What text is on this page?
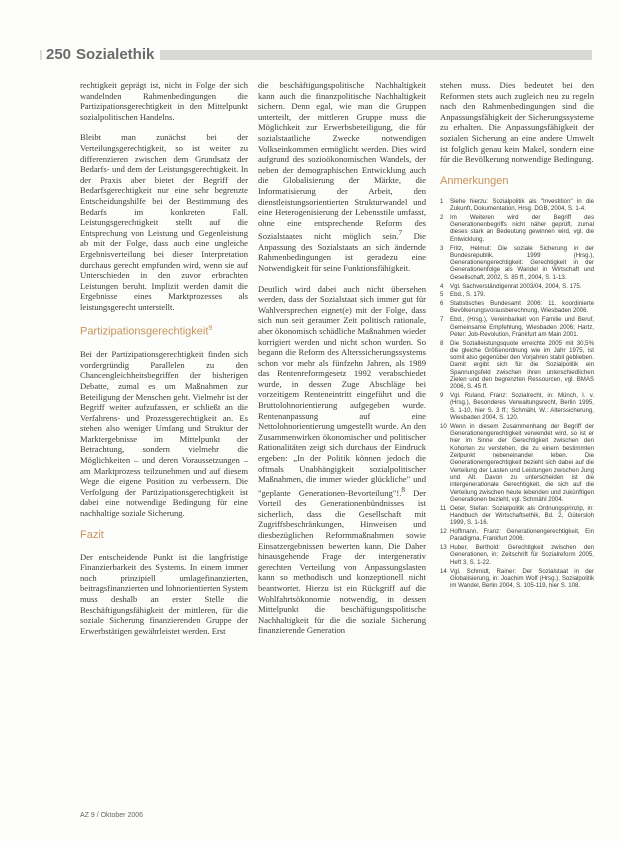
250 Sozialethik

rechtigkeit geprägt ist, nicht in Folge der sich wandelnden Rahmenbedingungen die Partizipationsgerechtigkeit in den Mittelpunkt sozialpolitischen Handelns.

Bleibt man zunächst bei der Verteilungsgerechtigkeit, so ist weiter zu differenzieren zwischen dem Grundsatz der Bedarfs- und dem der Leistungsgerechtigkeit. In der Praxis aber bietet der Begriff der Bedarfsgerechtigkeit nur eine sehr begrenzte Entscheidungshilfe bei der Bestimmung des Bedarfs im konkreten Fall. Leistungsgerechtigkeit stellt auf die Entsprechung von Leistung und Gegenleistung ab mit der Folge, dass auch eine ungleiche Ergebnisverteilung bei dieser Interpretation durchaus gerecht empfunden wird, wenn sie auf Unterschieden in den zuvor erbrachten Leistungen beruht. Implizit werden damit die Ergebnisse eines Marktprozesses als leistungsgerecht unterstellt.

Partizipationsgerechtigkeit$^9$

Bei der Partizipationsgerechtigkeit finden sich vordergründig Parallelen zu den Chancengleichheitsbegriffen der bisherigen Debatte, zumal es um Maßnahmen zur Beteiligung der Menschen geht. Vielmehr ist der Begriff weiter aufzufassen, er schließt an die Verfahrens- und Prozessgerechtigkeit an. Es stehen also weniger Umfang und Struktur der Marktergebnisse im Mittelpunkt der Betrachtung, sondern vielmehr die Möglichkeiten – und deren Voraussetzungen – am Marktprozess teilzunehmen und auf diesem Wege die eigene Position zu verbessern. Die Verfolgung der Partizipationsgerechtigkeit ist dabei eine notwendige Bedingung für eine nachhaltige soziale Sicherung.

Fazit

Der entscheidende Punkt ist die langfristige Finanzierbarkeit des Systems. In einem immer noch prinzipiell umlagefinanzierten, beitragsfinanzierten und lohnorientierten System muss deshalb an erster Stelle die Beschäftigungsfähigkeit der mittleren, für die soziale Sicherung finanzierenden Gruppe der Erwerbstätigen gewährleistet werden. Erst

die beschäftigungspolitische Nachhaltigkeit kann auch die finanzpolitische Nachhaltigkeit sichern. Denn egal, wie man die Gruppen unterteilt, der mittleren Gruppe muss die Möglichkeit zur Erwerbsbeteiligung, die für sozialstaatliche Zwecke notwendigen Volkseinkommen ermöglicht werden. Dies wird aufgrund des sozioökonomischen Wandels, der neben der demographischen Entwicklung auch die Globalisierung der Märkte, die Informatisierung der Arbeit, den dienstleistungsorientierten Strukturwandel und eine Heterogenisierung der Lebensstile umfasst, ohne eine entsprechende Reform des Sozialstaates nicht möglich sein.$^7$ Die Anpassung des Sozialstaats an sich ändernde Rahmenbedingungen ist geradezu eine Notwendigkeit für seine Funktionsfähigkeit.

Deutlich wird dabei auch nicht übersehen werden, dass der Sozialstaat sich immer gut für Wahlversprechen eignet(e) mit der Folge, dass sich nun seit geraumer Zeit politisch rationale, aber ökonomisch schädliche Maßnahmen wieder korrigiert werden und nicht schon wurden. So begann die Reform des Alterssicherungssystems schon vor mehr als fünfzehn Jahren, als 1989 das Rentenreformgesetz 1992 verabschiedet wurde, in dessen Zuge Abschläge bei vorzeitigem Renteneintritt eingeführt und die Bruttolohnorientierung aufgegeben wurde. Rentenanpassung auf eine Nettolohnorientierung umgestellt wurde. An den Zusammenwirken ökonomischer und politischer Rationalitäten zeigt sich durchaus der Eindruck ergeben: „In der Politik können jedoch die oftmals Unabhängigkeit sozialpolitischer Maßnahmen, die immer wieder glückliche" und "geplante Generationen-Bevorteilung"!.$^8$ Der Vorteil des Generationenbündnisses ist sicherlich, dass die Gesellschaft mit Zugriffsbeschränkungen, Hinweisen und diesbezüglichen Reformmaßnahmen sowie Einsatzergebnissen bewerten kann. Die Daher hinausgehende Frage der intergenerativ gerechten Verteilung von Anpassungslasten kann so methodisch und konzeptionell nicht beantwortet. Hierzu ist ein Rückgriff auf die Wohlfahrtsökonomie notwendig, in dessen Mittelpunkt die beschäftigungspolitische Nachhaltigkeit für die die soziale Sicherung finanzierende Generation

stehen muss. Dies bedeutet bei den Reformen stets auch zugleich neu zu regeln nach den Rahmenbedingungen sind die Anpassungsfähigkeit der Sicherungssysteme zu erhalten. Die Anpassungsfähigkeit der sozialen Sicherung an eine andere Umwelt ist folglich genau kein Makel, sondern eine für die Bevölkerung notwendige Bedingung.

Anmerkungen
1	Siehe hierzu: Sozialpolitik als "Investition" in die Zukunft, Dokumentation, Hrsg. DGB, 2004, S. 1-4.
2	Im Weiteren wird der Begriff des Generationenbegriffs nicht näher geprüft, zumal dieses stark an Bedeutung gewinnen wird, vgl. die Entwicklung.
3	Fritz, Helmut: Die soziale Sicherung in der Bundesrepublik, 1999 (Hrsg.), Generationengerechtigkeit: Gerechtigkeit in der Generationenfolge als Wandel in Wirtschaft und Gesellschaft, 2002, S. 85 ff., 2004, S. 1-13.
4	Vgl. Sachverständigenrat 2003/04, 2004, S. 175.
5	Ebd., S. 179.
6	Statistisches Bundesamt 2006: 11. koordinierte Bevölkerungsvorausberechnung, Wiesbaden 2006.
7	Ebd., (Hrsg.), Vereinbarkeit von Familie und Beruf, Gemeinsame Empfehlung, Wiesbaden 2006; Hartz, Peter: Job-Revolution, Frankfurt am Main 2001.
8	Die Sozialleistungsquote erreichte 2005 mit 30,5% die gleiche Größenordnung wie im Jahr 1975, ist somit also gegenüber den Vorjahren stabil geblieben. Damit ergibt sich für die Sozialpolitik ein Spannungsfeld zwischen ihren unterschiedlichen Zielen und den begrenzten Ressourcen, vgl. BMAS 2006, S. 45 ff.
9	Vgl. Ruland, Franz: Sozialrecht, in: Münch, I. v. (Hrsg.), Besonderes Verwaltungsrecht, Berlin 1995, S. 1-10, hier S. 3 ff.; Schmähl, W.: Alterssicherung, Wiesbaden 2004, S. 120.
10 Wenn in diesem Zusammenhang der Begriff der Generationengerechtigkeit verwendet wird, so ist er hier im Sinne der Gerechtigkeit zwischen den Kohorten zu verstehen, die zu einem bestimmten Zeitpunkt nebeneinander leben. Die Generationengerechtigkeit bezieht sich dabei auf die Verteilung der Lasten und Leistungen zwischen Jung und Alt. Davon zu unterscheiden ist die intergenerationale Gerechtigkeit, die sich auf die Verteilung zwischen heute lebenden und zukünftigen Generationen bezieht, vgl. Schmähl 2004.
11 Oeter, Stefan: Sozialpolitik als Ordnungsprinzip, in: Handbuch der Wirtschaftsethik, Bd. 2, Gütersloh 1999, S. 1-16.
12 Hoffmann, Franz: Generationengerechtigkeit, Ein Paradigma, Frankfurt 2006.
13 Huber, Berthold: Gerechtigkeit zwischen den Generationen, in: Zeitschrift für Sozialreform 2005, Heft 3, S. 1-22.
14 Vgl. Schmidt, Rainer: Der Sozialstaat in der Globalisierung, in: Joachim Wolf (Hrsg.), Sozialpolitik im Wandel, Berlin 2004, S. 105-119, hier S. 108.
AZ 9 / Oktober 2006
